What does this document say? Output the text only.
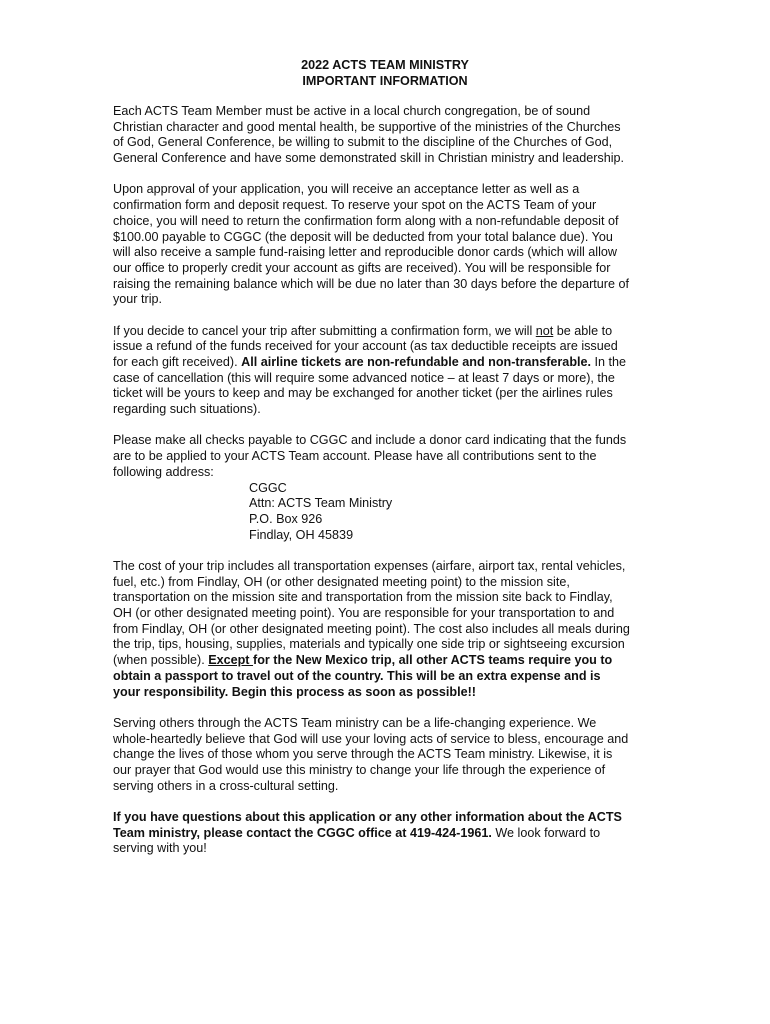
2022 ACTS TEAM MINISTRY
IMPORTANT INFORMATION

Each ACTS Team Member must be active in a local church congregation, be of sound
Christian character and good mental health, be supportive of the ministries of the Churches
of God, General Conference, be willing to submit to the discipline of the Churches of God,
General Conference and have some demonstrated skill in Christian ministry and leadership.

Upon approval of your application, you will receive an acceptance letter as well as a
confirmation form and deposit request. To reserve your spot on the ACTS Team of your
choice, you will need to return the confirmation form along with a non-refundable deposit of
$100.00 payable to CGGC (the deposit will be deducted from your total balance due). You
will also receive a sample fund-raising letter and reproducible donor cards (which will allow
our office to properly credit your account as gifts are received). You will be responsible for
raising the remaining balance which will be due no later than 30 days before the departure of
your trip.

If you decide to cancel your trip after submitting a confirmation form, we will not be able to
issue a refund of the funds received for your account (as tax deductible receipts are issued
for each gift received). All airline tickets are non-refundable and non-transferable. In the
case of cancellation (this will require some advanced notice – at least 7 days or more), the
ticket will be yours to keep and may be exchanged for another ticket (per the airlines rules
regarding such situations).

Please make all checks payable to CGGC and include a donor card indicating that the funds
are to be applied to your ACTS Team account. Please have all contributions sent to the
following address:

CGGC
Attn: ACTS Team Ministry
P.O. Box 926
Findlay, OH 45839

The cost of your trip includes all transportation expenses (airfare, airport tax, rental vehicles,
fuel, etc.) from Findlay, OH (or other designated meeting point) to the mission site,
transportation on the mission site and transportation from the mission site back to Findlay,
OH (or other designated meeting point). You are responsible for your transportation to and
from Findlay, OH (or other designated meeting point). The cost also includes all meals during
the trip, tips, housing, supplies, materials and typically one side trip or sightseeing excursion
(when possible). Except for the New Mexico trip, all other ACTS teams require you to
obtain a passport to travel out of the country. This will be an extra expense and is
your responsibility. Begin this process as soon as possible!!

Serving others through the ACTS Team ministry can be a life-changing experience. We
whole-heartedly believe that God will use your loving acts of service to bless, encourage and
change the lives of those whom you serve through the ACTS Team ministry. Likewise, it is
our prayer that God would use this ministry to change your life through the experience of
serving others in a cross-cultural setting.

If you have questions about this application or any other information about the ACTS
Team ministry, please contact the CGGC office at 419-424-1961. We look forward to
serving with you!
